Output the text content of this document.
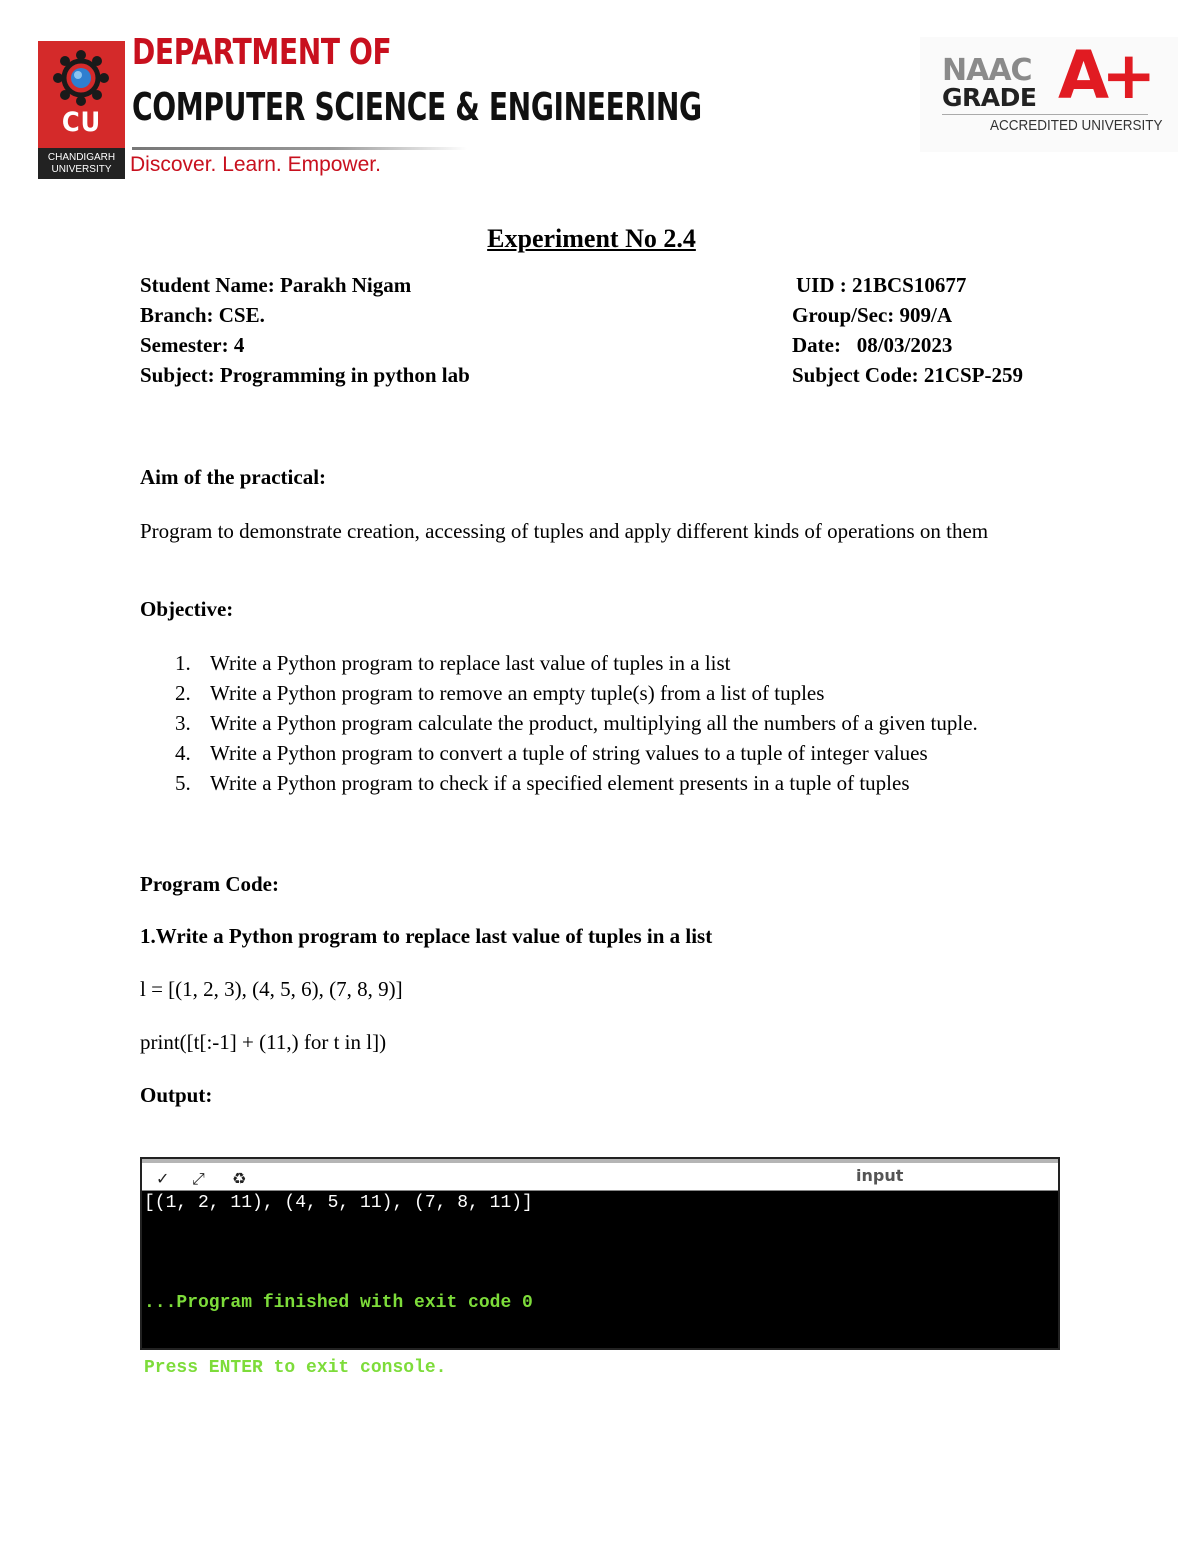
CU
CHANDIGARH
UNIVERSITY
DEPARTMENT OF
COMPUTER SCIENCE & ENGINEERING
Discover. Learn. Empower.
NAAC
GRADE A+
ACCREDITED UNIVERSITY
Experiment No 2.4
Student Name: Parakh Nigam
Branch: CSE.
Semester: 4
Subject: Programming in python lab
UID : 21BCS10677
Group/Sec: 909/A
Date:   08/03/2023
Subject Code: 21CSP-259
Aim of the practical:
Program to demonstrate creation, accessing of tuples and apply different kinds of operations on them
Objective:
1. Write a Python program to replace last value of tuples in a list
2. Write a Python program to remove an empty tuple(s) from a list of tuples
3. Write a Python program calculate the product, multiplying all the numbers of a given tuple.
4. Write a Python program to convert a tuple of string values to a tuple of integer values
5. Write a Python program to check if a specified element presents in a tuple of tuples
Program Code:
1.Write a Python program to replace last value of tuples in a list
l = [(1, 2, 3), (4, 5, 6), (7, 8, 9)]
print([t[:-1] + (11,) for t in l])
Output:
✓ ⤢ ♻	input
[(1, 2, 11), (4, 5, 11), (7, 8, 11)]

...Program finished with exit code 0

Press ENTER to exit console.
